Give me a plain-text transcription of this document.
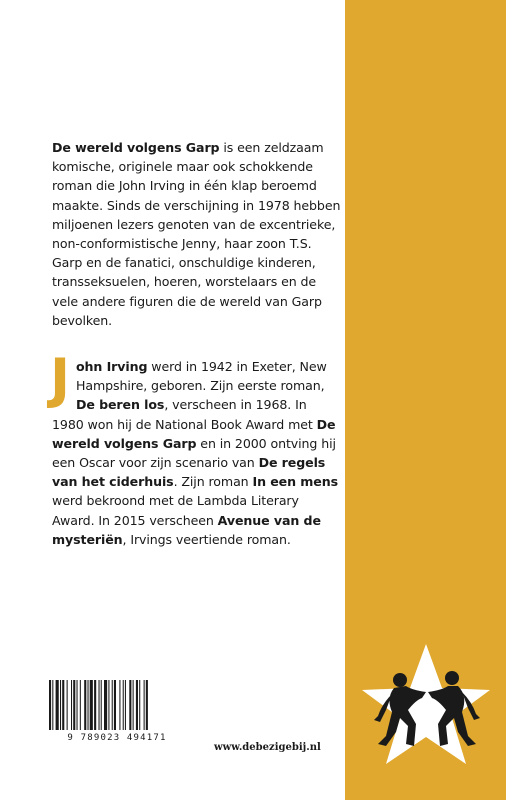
De wereld volgens Garp is een zeldzaam komische, originele maar ook schokkende roman die John Irving in één klap beroemd maakte. Sinds de verschijning in 1978 hebben miljoenen lezers genoten van de excentrieke, non-conformistische Jenny, haar zoon T.S. Garp en de fanatici, onschuldige kinderen, transseksuelen, hoeren, worstelaars en de vele andere figuren die de wereld van Garp bevolken.

John Irving werd in 1942 in Exeter, New Hampshire, geboren. Zijn eerste roman, De beren los, verscheen in 1968. In 1980 won hij de National Book Award met De wereld volgens Garp en in 2000 ontving hij een Oscar voor zijn scenario van De regels van het ciderhuis. Zijn roman In een mens werd bekroond met de Lambda Literary Award. In 2015 verscheen Avenue van de mysteriën, Irvings veertiende roman.

9 789023 494171
www.debezigebij.nl
